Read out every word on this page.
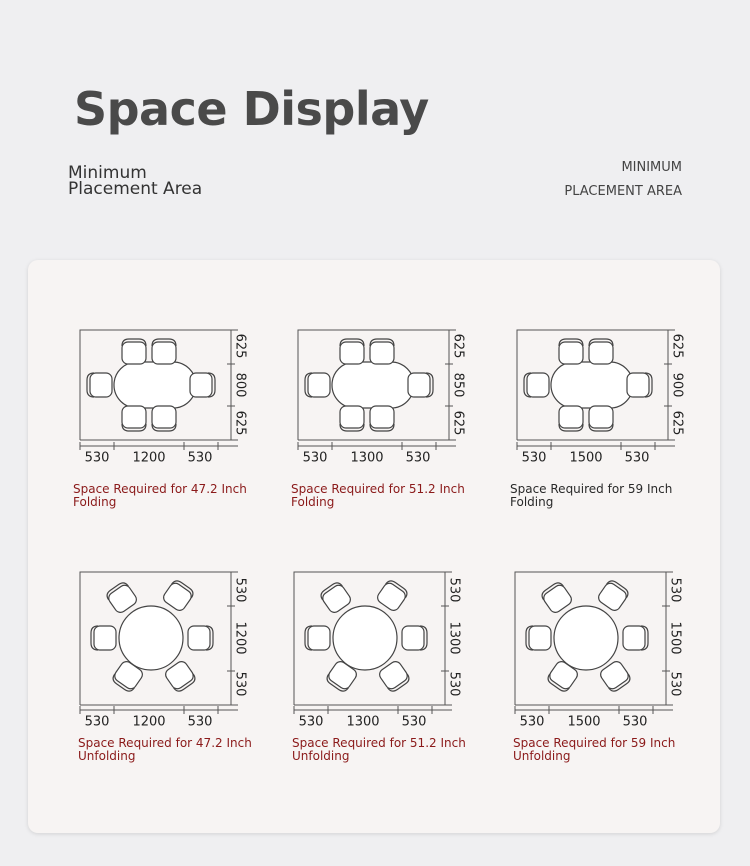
Space Display
Minimum
Placement Area
MINIMUM
PLACEMENT AREA
625
800
625
530 1200 530
Space Required for 47.2 Inch
Folding
625
850
625
530 1300 530
Space Required for 51.2 Inch
Folding
625
900
625
530 1500 530
Space Required for 59 Inch
Folding
530
1200
530
530 1200 530
Space Required for 47.2 Inch
Unfolding
530
1300
530
530 1300 530
Space Required for 51.2 Inch
Unfolding
530
1500
530
530 1500 530
Space Required for 59 Inch
Unfolding
